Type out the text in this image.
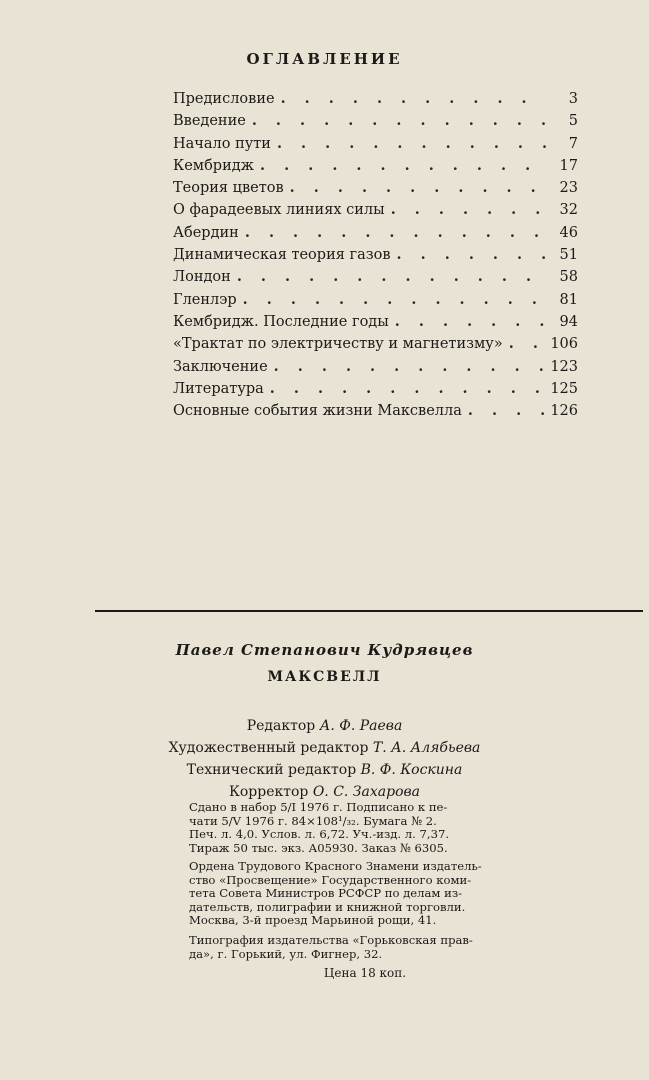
ОГЛАВЛЕНИЕ
Предисловие . . .	3
Введение . . .	5
Начало пути . . .	7
Кембридж . . .	17
Теория цветов . . .	23
О фарадеевых линиях силы . . .	32
Абердин . . .	46
Динамическая теория газов . . .	51
Лондон . . .	58
Гленлэр . . .	81
Кембридж. Последние годы . . .	94
«Трактат по электричеству и магнетизму» . . .	106
Заключение . . .	123
Литература . . .	125
Основные события жизни Максвелла . . .	126
Павел Степанович Кудрявцев
МАКСВЕЛЛ
Редактор А. Ф. Раева
Художественный редактор Т. А. Алябьева
Технический редактор В. Ф. Коскина
Корректор О. С. Захарова
Сдано в набор 5/I 1976 г. Подписано к пе-
чати 5/V 1976 г. 84×108¹/₃₂. Бумага № 2.
Печ. л. 4,0. Услов. л. 6,72. Уч.-изд. л. 7,37.
Тираж 50 тыс. экз. А05930. Заказ № 6305.
Ордена Трудового Красного Знамени издатель-
ство «Просвещение» Государственного коми-
тета Совета Министров РСФСР по делам из-
дательств, полиграфии и книжной торговли.
Москва, 3-й проезд Марьиной рощи, 41.
Типография издательства «Горьковская прав-
да», г. Горький, ул. Фигнер, 32.
Цена 18 коп.
